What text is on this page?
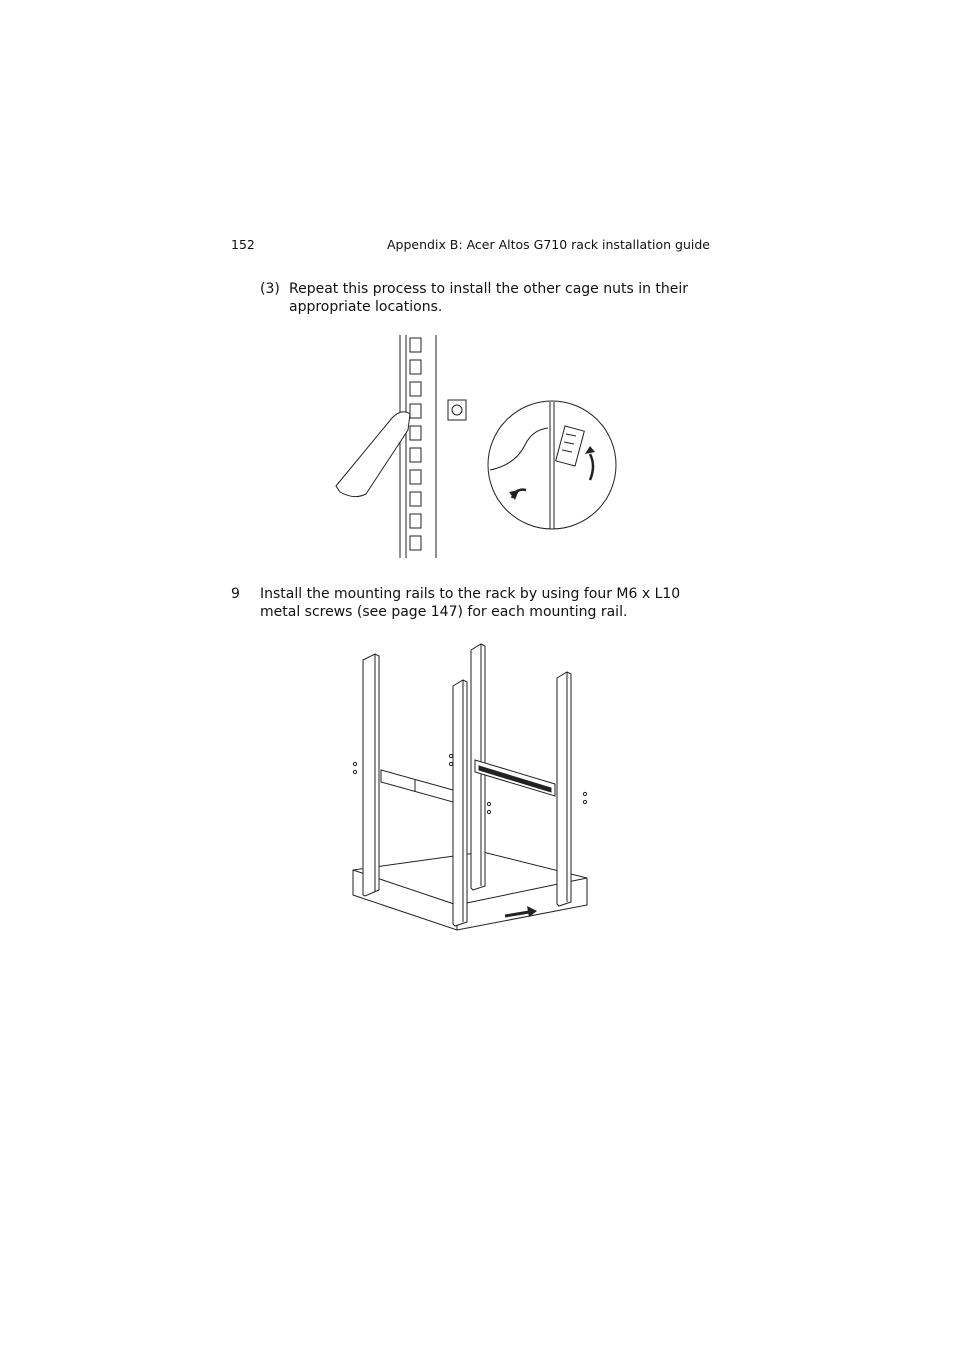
152	Appendix B: Acer Altos G710 rack installation guide
(3) Repeat this process to install the other cage nuts in their appropriate locations.
9 Install the mounting rails to the rack by using four M6 x L10 metal screws (see page 147) for each mounting rail.
